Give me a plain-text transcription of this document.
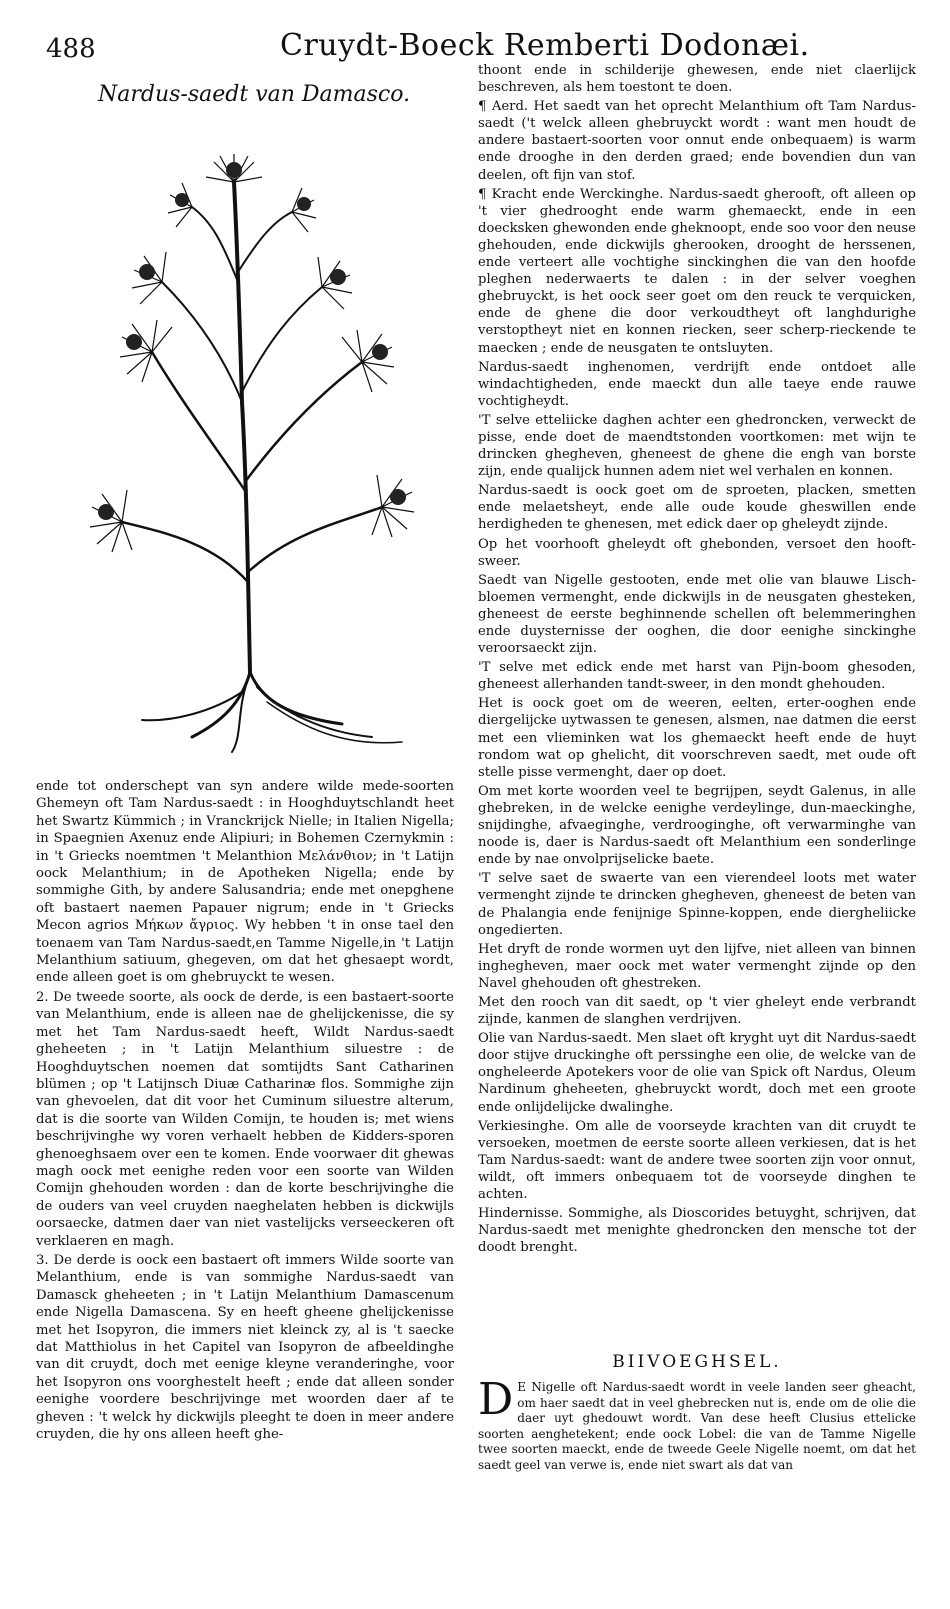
488	Cruydt-Boeck Remberti Dodonæi.
Nardus-saedt van Damasco.

ende tot onderschept van syn andere wilde mede-soorten Ghemeyn oft Tam Nardus-saedt : in Hooghduytschlandt heet het Swartz Kümmich ; in Vranckrijck Nielle; in Italien Nigella; in Spaegnien Axenuz ende Alipiuri; in Bohemen Czernykmin : in 't Griecks noemtmen 't Melanthion Μελάνθιον; in 't Latijn oock Melanthium; in de Apotheken Nigella; ende by sommighe Gith, by andere Salusandria; ende met onepghene oft bastaert naemen Papauer nigrum; ende in 't Griecks Mecon agrios Μήκων ἄγριος. Wy hebben 't in onse tael den toenaem van Tam Nardus-saedt,en Tamme Nigelle,in 't Latijn Melanthium satiuum, ghegeven, om dat het ghesaept wordt, ende alleen goet is om ghebruyckt te wesen.

2. De tweede soorte, als oock de derde, is een bastaert-soorte van Melanthium, ende is alleen nae de ghelijckenisse, die sy met het Tam Nardus-saedt heeft, Wildt Nardus-saedt gheheeten ; in 't Latijn Melanthium siluestre : de Hooghduytschen noemen dat somtijdts Sant Catharinen blümen ; op 't Latijnsch Diuæ Catharinæ flos. Sommighe zijn van ghevoelen, dat dit voor het Cuminum siluestre alterum, dat is die soorte van Wilden Comijn, te houden is; met wiens beschrijvinghe wy voren verhaelt hebben de Kidders-sporen ghenoeghsaem over een te komen. Ende voorwaer dit ghewas magh oock met eenighe reden voor een soorte van Wilden Comijn ghehouden worden : dan de korte beschrijvinghe die de ouders van veel cruyden naeghelaten hebben is dickwijls oorsaecke, datmen daer van niet vastelijcks verseeckeren oft verklaeren en magh.

3. De derde is oock een bastaert oft immers Wilde soorte van Melanthium, ende is van sommighe Nardus-saedt van Damasck gheheeten ; in 't Latijn Melanthium Damascenum ende Nigella Damascena. Sy en heeft gheene ghelijckenisse met het Isopyron, die immers niet kleinck zy, al is 't saecke dat Matthiolus in het Capitel van Isopyron de afbeeldinghe van dit cruydt, doch met eenige kleyne veranderinghe, voor het Isopyron ons voorghestelt heeft ; ende dat alleen sonder eenighe voordere beschrijvinge met woorden daer af te gheven : 't welck hy dickwijls pleeght te doen in meer andere cruyden, die hy ons alleen heeft ghe-

thoont ende in schilderije ghewesen, ende niet claerlijck beschreven, als hem toestont te doen.

¶ Aerd. Het saedt van het oprecht Melanthium oft Tam Nardus-saedt ('t welck alleen ghebruyckt wordt : want men houdt de andere bastaert-soorten voor onnut ende onbequaem) is warm ende drooghe in den derden graed; ende bovendien dun van deelen, oft fijn van stof.

¶ Kracht ende Werckinghe. Nardus-saedt gherooft, oft alleen op 't vier ghedrooght ende warm ghemaeckt, ende in een doecksken ghewonden ende gheknoopt, ende soo voor den neuse ghehouden, ende dickwijls gherooken, drooght de herssenen, ende verteert alle vochtighe sinckinghen die van den hoofde pleghen nederwaerts te dalen : in der selver voeghen ghebruyckt, is het oock seer goet om den reuck te verquicken, ende de ghene die door verkoudtheyt oft langhdurighe verstoptheyt niet en konnen riecken, seer scherp-rieckende te maecken ; ende de neusgaten te ontsluyten.

Nardus-saedt inghenomen, verdrijft ende ontdoet alle windachtigheden, ende maeckt dun alle taeye ende rauwe vochtigheydt.

'T selve etteliicke daghen achter een ghedroncken, verweckt de pisse, ende doet de maendtstonden voortkomen: met wijn te drincken ghegheven, gheneest de ghene die engh van borste zijn, ende qualijck hunnen adem niet wel verhalen en konnen.

Nardus-saedt is oock goet om de sproeten, placken, smetten ende melaetsheyt, ende alle oude koude gheswillen ende herdigheden te ghenesen, met edick daer op gheleydt zijnde.

Op het voorhooft gheleydt oft ghebonden, versoet den hooft-sweer.

Saedt van Nigelle gestooten, ende met olie van blauwe Lisch-bloemen vermenght, ende dickwijls in de neusgaten ghesteken, gheneest de eerste beghinnende schellen oft belemmeringhen ende duysternisse der ooghen, die door eenighe sinckinghe veroorsaeckt zijn.

'T selve met edick ende met harst van Pijn-boom ghesoden, gheneest allerhanden tandt-sweer, in den mondt ghehouden.

Het is oock goet om de weeren, eelten, erter-ooghen ende diergelijcke uytwassen te genesen, alsmen, nae datmen die eerst met een vlieminken wat los ghemaeckt heeft ende de huyt rondom wat op ghelicht, dit voorschreven saedt, met oude oft stelle pisse vermenght, daer op doet.

Om met korte woorden veel te begrijpen, seydt Galenus, in alle ghebreken, in de welcke eenighe verdeylinge, dun-maeckinghe, snijdinghe, afvaeginghe, verdrooginghe, oft verwarminghe van noode is, daer is Nardus-saedt oft Melanthium een sonderlinge ende by nae onvolprijselicke baete.

'T selve saet de swaerte van een vierendeel loots met water vermenght zijnde te drincken ghegheven, gheneest de beten van de Phalangia ende fenijnige Spinne-koppen, ende diergheliicke ongedierten.

Het dryft de ronde wormen uyt den lijfve, niet alleen van binnen inghegheven, maer oock met water vermenght zijnde op den Navel ghehouden oft ghestreken.

Met den rooch van dit saedt, op 't vier gheleyt ende verbrandt zijnde, kanmen de slanghen verdrijven.

Olie van Nardus-saedt. Men slaet oft kryght uyt dit Nardus-saedt door stijve druckinghe oft perssinghe een olie, de welcke van de ongheleerde Apotekers voor de olie van Spick oft Nardus, Oleum Nardinum gheheeten, ghebruyckt wordt, doch met een groote ende onlijdelijcke dwalinghe.

Verkiesinghe. Om alle de voorseyde krachten van dit cruydt te versoeken, moetmen de eerste soorte alleen verkiesen, dat is het Tam Nardus-saedt: want de andere twee soorten zijn voor onnut, wildt, oft immers onbequaem tot de voorseyde dinghen te achten.

Hindernisse. Sommighe, als Dioscorides betuyght, schrijven, dat Nardus-saedt met menighte ghedroncken den mensche tot der doodt brenght.

BIIVOEGHSEL.

D E Nigelle oft Nardus-saedt wordt in veele landen seer gheacht, om haer saedt dat in veel ghebrecken nut is, ende om de olie die daer uyt ghedouwt wordt. Van dese heeft Clusius ettelicke soorten aenghetekent; ende oock Lobel: die van de Tamme Nigelle twee soorten maeckt, ende de tweede Geele Nigelle noemt, om dat het saedt geel van verwe is, ende niet swart als dat van
